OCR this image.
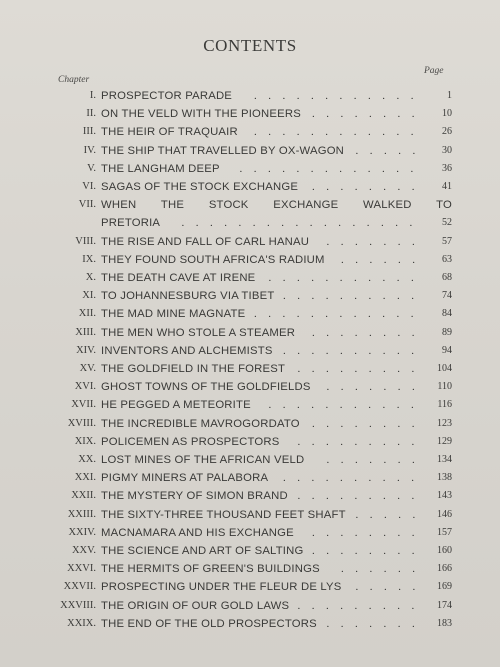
CONTENTS
Chapter
Page
I. PROSPECTOR PARADE	1
............
II. ON THE VELD WITH THE PIONEERS	10
........
III. THE HEIR OF TRAQUAIR	26
............
IV. THE SHIP THAT TRAVELLED BY OX-WAGON	30
.....
V. THE LANGHAM DEEP	36
.............
VI. SAGAS OF THE STOCK EXCHANGE	41
........
VII. WHEN THE STOCK EXCHANGE WALKED TO
PRETORIA	52
.................
VIII. THE RISE AND FALL OF CARL HANAU	57
.......
IX. THEY FOUND SOUTH AFRICA'S RADIUM	63
......
X. THE DEATH CAVE AT IRENE	68
...........
XI. TO JOHANNESBURG VIA TIBET	74
..........
XII. THE MAD MINE MAGNATE	84
............
XIII. THE MEN WHO STOLE A STEAMER	89
........
XIV. INVENTORS AND ALCHEMISTS	94
..........
XV. THE GOLDFIELD IN THE FOREST	104
.........
XVI. GHOST TOWNS OF THE GOLDFIELDS	110
.......
XVII. HE PEGGED A METEORITE	116
...........
XVIII. THE INCREDIBLE MAVROGORDATO	123
........
XIX. POLICEMEN AS PROSPECTORS	129
.........
XX. LOST MINES OF THE AFRICAN VELD	134
.......
XXI. PIGMY MINERS AT PALABORA	138
..........
XXII. THE MYSTERY OF SIMON BRAND	143
.........
XXIII. THE SIXTY-THREE THOUSAND FEET SHAFT	146
.....
XXIV. MACNAMARA AND HIS EXCHANGE	157
........
XXV. THE SCIENCE AND ART OF SALTING	160
........
XXVI. THE HERMITS OF GREEN'S BUILDINGS	166
......
XXVII. PROSPECTING UNDER THE FLEUR DE LYS	169
.....
XXVIII. THE ORIGIN OF OUR GOLD LAWS	174
.........
XXIX. THE END OF THE OLD PROSPECTORS	183
.......
